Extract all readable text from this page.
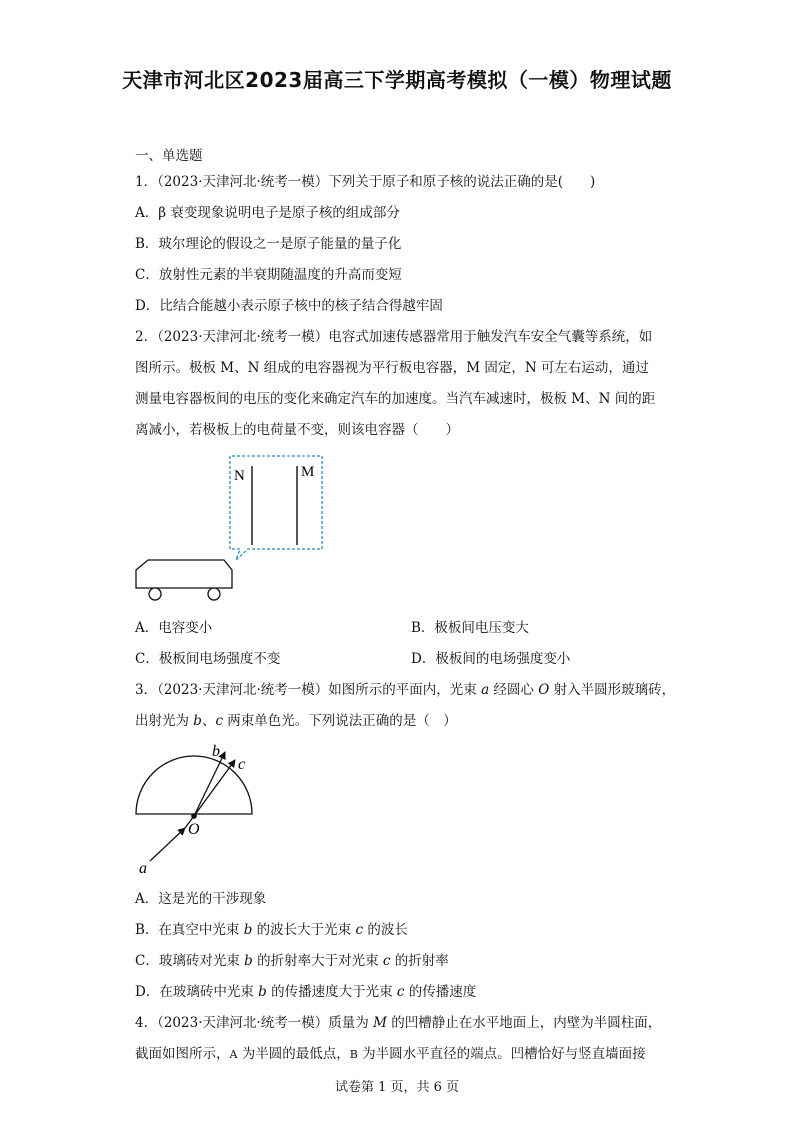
天津市河北区2023届高三下学期高考模拟（一模）物理试题
一、单选题
1．（2023·天津河北·统考一模）下列关于原子和原子核的说法正确的是(　　)
A．β 衰变现象说明电子是原子核的组成部分
B．玻尔理论的假设之一是原子能量的量子化
C．放射性元素的半衰期随温度的升高而变短
D．比结合能越小表示原子核中的核子结合得越牢固
2．（2023·天津河北·统考一模）电容式加速传感器常用于触发汽车安全气囊等系统，如
图所示。极板 M、N 组成的电容器视为平行板电容器，M 固定，N 可左右运动，通过
测量电容器板间的电压的变化来确定汽车的加速度。当汽车减速时，极板 M、N 间的距
离减小，若极板上的电荷量不变，则该电容器（　　）
N	M
A．电容变小	B．极板间电压变大
C．极板间电场强度不变	D．极板间的电场强度变小
3．（2023·天津河北·统考一模）如图所示的平面内，光束 a 经圆心 O 射入半圆形玻璃砖，
出射光为 b、c 两束单色光。下列说法正确的是（　）
b
c
O
a
A．这是光的干涉现象
B．在真空中光束 b 的波长大于光束 c 的波长
C．玻璃砖对光束 b 的折射率大于对光束 c 的折射率
D．在玻璃砖中光束 b 的传播速度大于光束 c 的传播速度
4．（2023·天津河北·统考一模）质量为 M 的凹槽静止在水平地面上，内壁为半圆柱面，
截面如图所示，A 为半圆的最低点，B 为半圆水平直径的端点。凹槽恰好与竖直墙面接
试卷第 1 页，共 6 页
